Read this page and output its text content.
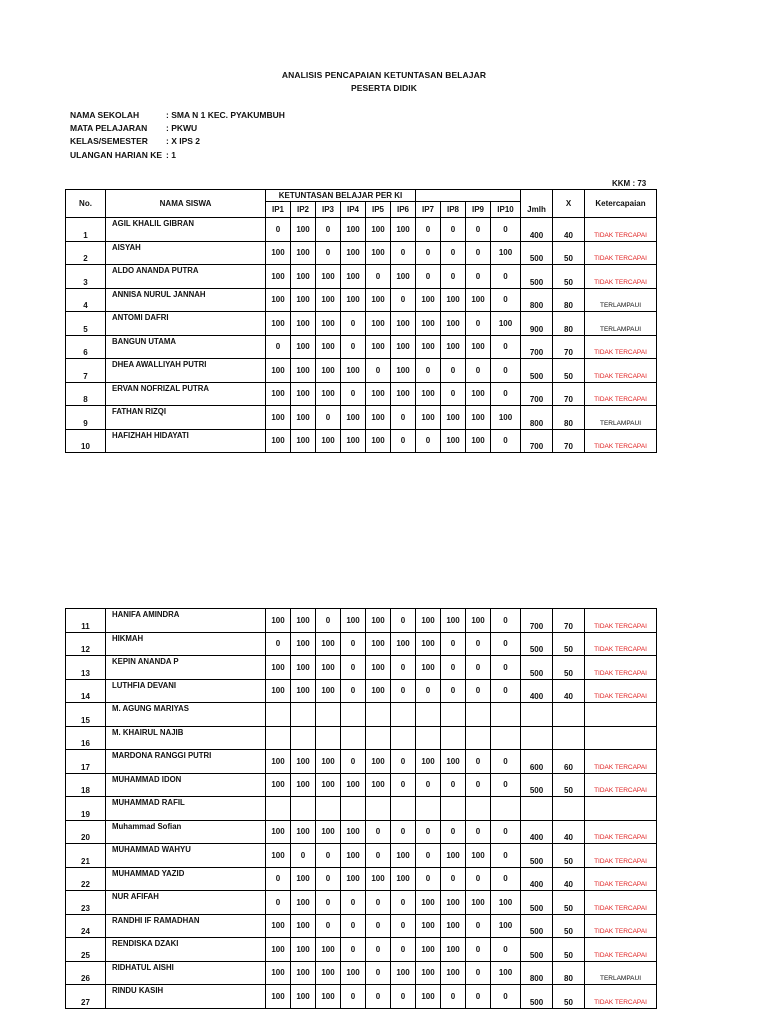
ANALISIS PENCAPAIAN KETUNTASAN BELAJAR
PESERTA DIDIK
NAMA SEKOLAH	: SMA N 1 KEC. PYAKUMBUH
MATA PELAJARAN : PKWU
KELAS/SEMESTER : X IPS 2
ULANGAN HARIAN KE : 1
KKM : 73
No.	NAMA SISWA	KETUNTASAN BELAJAR PER KI											X	Ketercapaian
		IP1	IP2	IP3	IP4	IP5	IP6	IP7	IP8	IP9	IP10	Jmlh		
1	AGIL KHALIL GIBRAN	0	100	0	100	100	100	0	0	0	0	400	40	TIDAK TERCAPAI
2	AISYAH	100	100	0	100	100	0	0	0	0	100	500	50	TIDAK TERCAPAI
3	ALDO ANANDA PUTRA	100	100	100	100	0	100	0	0	0	0	500	50	TIDAK TERCAPAI
4	ANNISA NURUL JANNAH	100	100	100	100	100	0	100	100	100	0	800	80	TERLAMPAUI
5	ANTOMI DAFRI	100	100	100	0	100	100	100	100	0	100	900	80	TERLAMPAUI
6	BANGUN UTAMA	0	100	100	0	100	100	100	100	100	0	700	70	TIDAK TERCAPAI
7	DHEA AWALLIYAH PUTRI	100	100	100	100	0	100	0	0	0	0	500	50	TIDAK TERCAPAI
8	ERVAN NOFRIZAL PUTRA	100	100	100	0	100	100	100	0	100	0	700	70	TIDAK TERCAPAI
9	FATHAN RIZQI	100	100	0	100	100	0	100	100	100	100	800	80	TERLAMPAUI
10	HAFIZHAH HIDAYATI	100	100	100	100	100	0	0	100	100	0	700	70	TIDAK TERCAPAI
11	HANIFA AMINDRA	100	100	0	100	100	0	100	100	100	0	700	70	TIDAK TERCAPAI
12	HIKMAH	0	100	100	0	100	100	100	0	0	0	500	50	TIDAK TERCAPAI
13	KEPIN ANANDA P	100	100	100	0	100	0	100	0	0	0	500	50	TIDAK TERCAPAI
14	LUTHFIA DEVANI	100	100	100	0	100	0	0	0	0	0	400	40	TIDAK TERCAPAI
15	M. AGUNG MARIYAS													
16	M. KHAIRUL NAJIB													
17	MARDONA RANGGI PUTRI	100	100	100	0	100	0	100	100	0	0	600	60	TIDAK TERCAPAI
18	MUHAMMAD IDON	100	100	100	100	100	0	0	0	0	0	500	50	TIDAK TERCAPAI
19	MUHAMMAD RAFIL													
20	Muhammad Sofian	100	100	100	100	0	0	0	0	0	0	400	40	TIDAK TERCAPAI
21	MUHAMMAD WAHYU	100	0	0	100	0	100	0	100	100	0	500	50	TIDAK TERCAPAI
22	MUHAMMAD YAZID	0	100	0	100	100	100	0	0	0	0	400	40	TIDAK TERCAPAI
23	NUR AFIFAH	0	100	0	0	0	0	100	100	100	100	500	50	TIDAK TERCAPAI
24	RANDHI IF RAMADHAN	100	100	0	0	0	0	100	100	0	100	500	50	TIDAK TERCAPAI
25	RENDISKA DZAKI	100	100	100	0	0	0	100	100	0	0	500	50	TIDAK TERCAPAI
26	RIDHATUL AISHI	100	100	100	100	0	100	100	100	0	100	800	80	TERLAMPAUI
27	RINDU KASIH	100	100	100	0	0	0	100	0	0	0	500	50	TIDAK TERCAPAI
